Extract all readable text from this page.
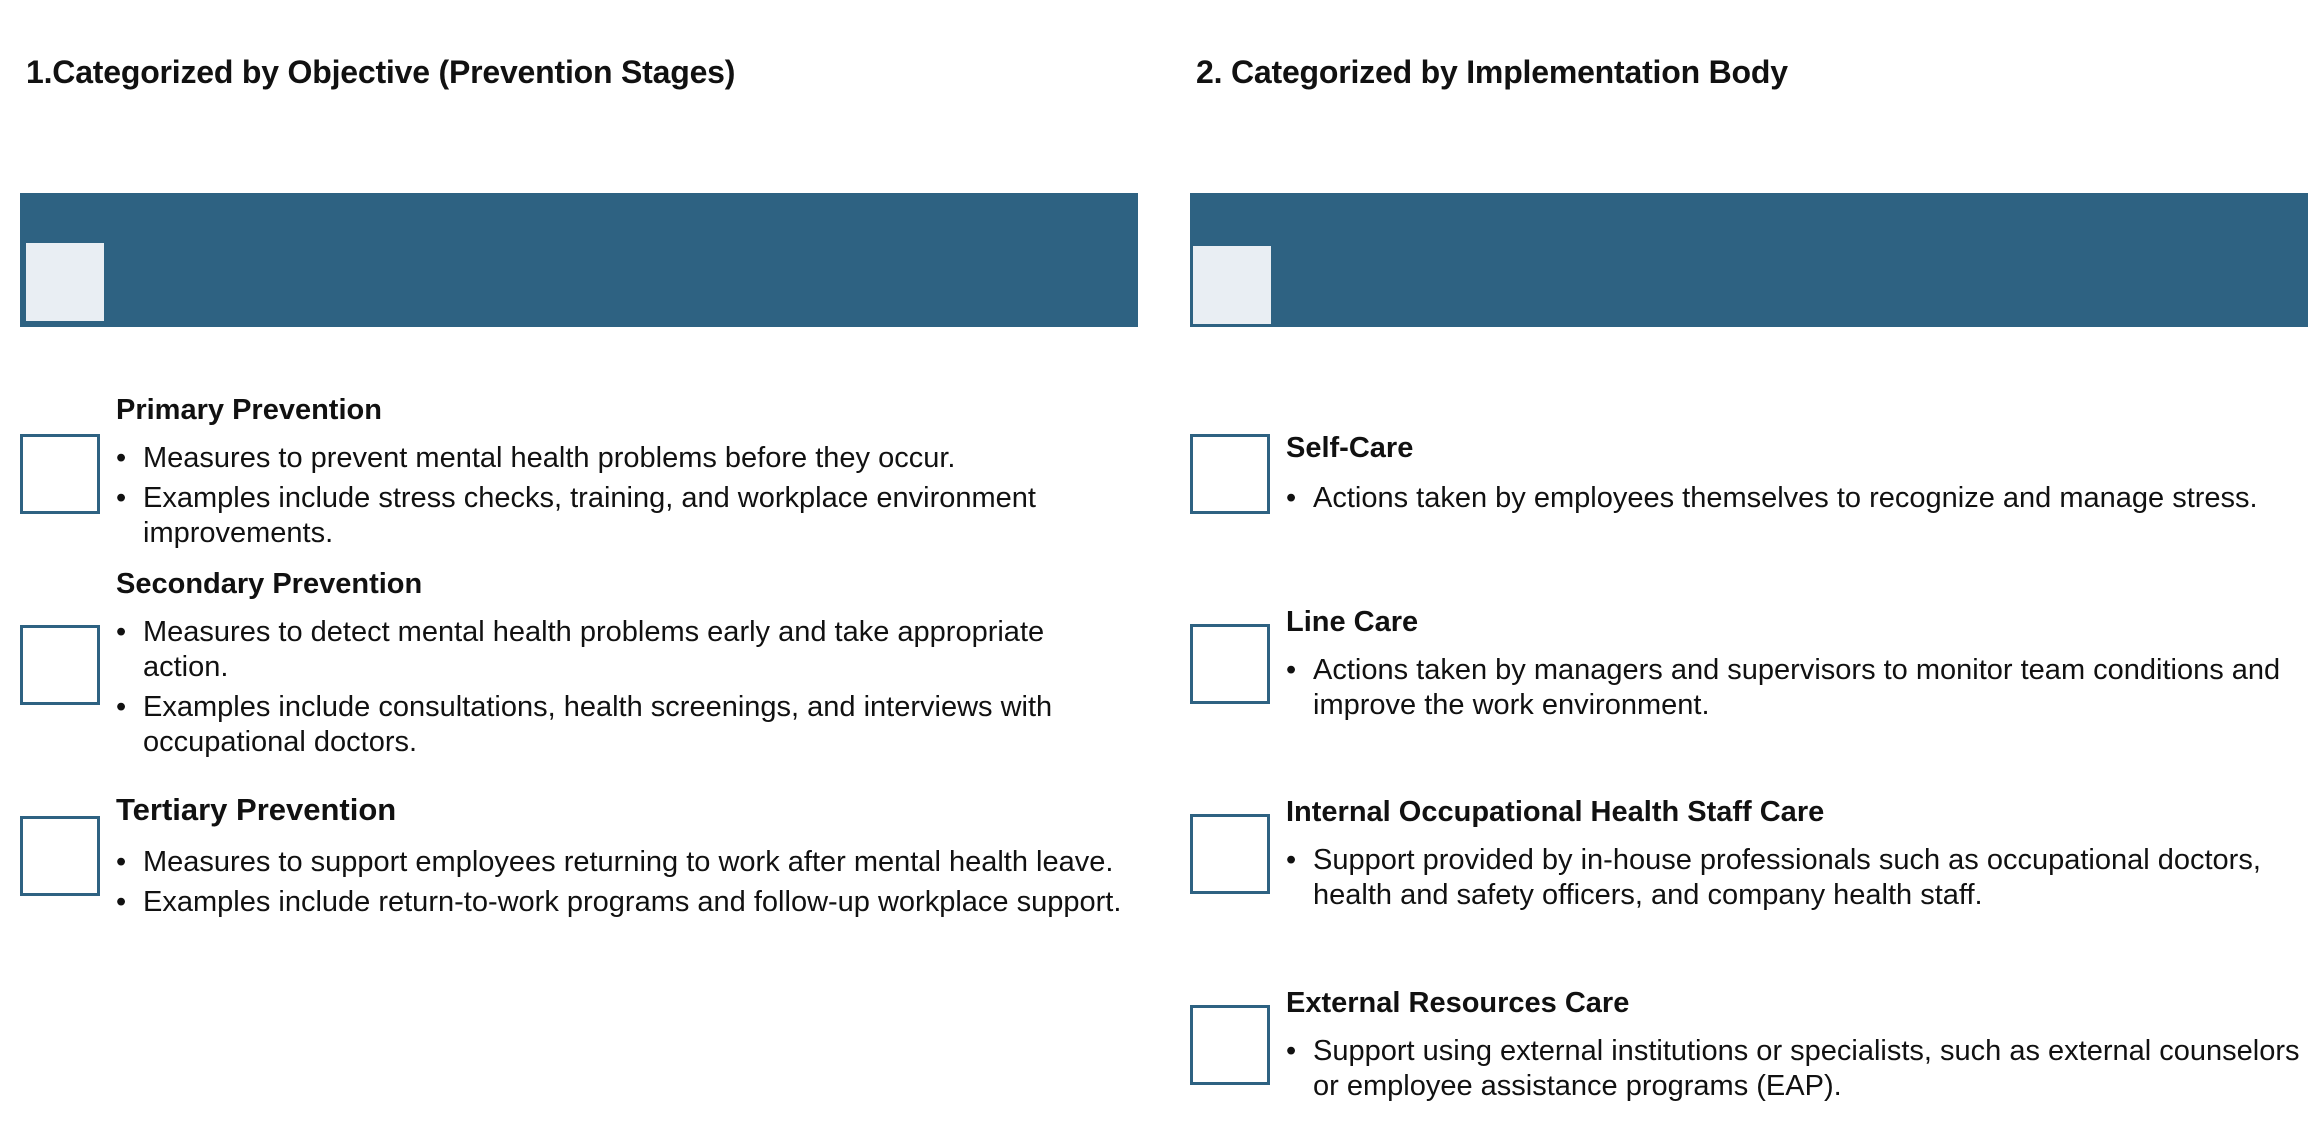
1.Categorized by Objective (Prevention Stages)
Primary Prevention
• Measures to prevent mental health problems before they occur.
• Examples include stress checks, training, and workplace environment improvements.
Secondary Prevention
• Measures to detect mental health problems early and take appropriate action.
• Examples include consultations, health screenings, and interviews with occupational doctors.
Tertiary Prevention
• Measures to support employees returning to work after mental health leave.
• Examples include return-to-work programs and follow-up workplace support.
2. Categorized by Implementation Body
Self-Care
• Actions taken by employees themselves to recognize and manage stress.
Line Care
• Actions taken by managers and supervisors to monitor team conditions and improve the work environment.
Internal Occupational Health Staff Care
• Support provided by in-house professionals such as occupational doctors, health and safety officers, and company health staff.
External Resources Care
• Support using external institutions or specialists, such as external counselors or employee assistance programs (EAP).
